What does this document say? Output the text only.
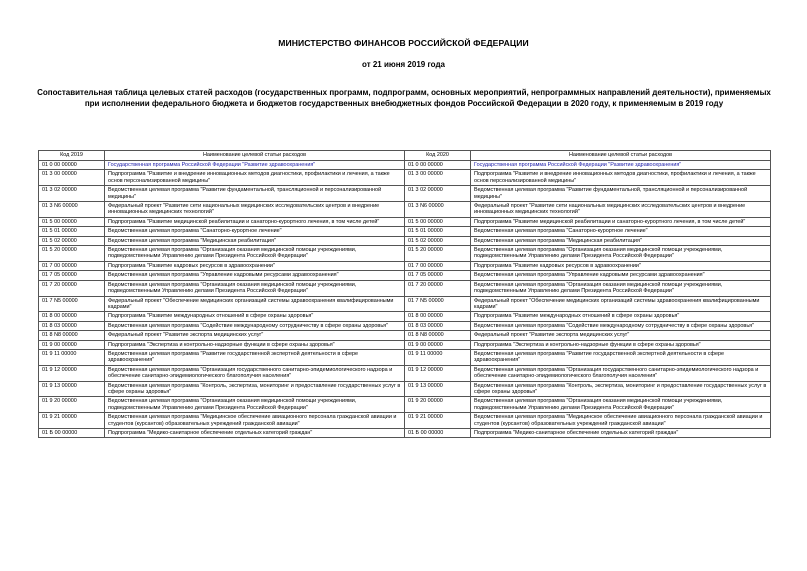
МИНИСТЕРСТВО ФИНАНСОВ РОССИЙСКОЙ ФЕДЕРАЦИИ
от 21 июня 2019 года
Сопоставительная таблица целевых статей расходов (государственных программ, подпрограмм, основных мероприятий, непрограммных направлений деятельности), применяемых при исполнении федерального бюджета и бюджетов государственных внебюджетных фондов Российской Федерации в 2020 году, к применяемым в 2019 году
Код 2019	Наименование целевой статьи расходов	Код 2020	Наименование целевой статьи расходов
01 0 00 00000	Государственная программа Российской Федерации "Развитие здравоохранения"	01 0 00 00000	Государственная программа Российской Федерации "Развитие здравоохранения"
01 3 00 00000	Подпрограмма "Развитие и внедрение инновационных методов диагностики, профилактики и лечения, а также основ персонализированной медицины"	01 3 00 00000	Подпрограмма "Развитие и внедрение инновационных методов диагностики, профилактики и лечения, а также основ персонализированной медицины"
01 3 02 00000	Ведомственная целевая программа "Развитие фундаментальной, трансляционной и персонализированной медицины"	01 3 02 00000	Ведомственная целевая программа "Развитие фундаментальной, трансляционной и персонализированной медицины"
01 3 N6 00000	Федеральный проект "Развитие сети национальных медицинских исследовательских центров и внедрение инновационных медицинских технологий"	01 3 N6 00000	Федеральный проект "Развитие сети национальных медицинских исследовательских центров и внедрение инновационных медицинских технологий"
01 5 00 00000	Подпрограмма "Развитие медицинской реабилитации и санаторно-курортного лечения, в том числе детей"	01 5 00 00000	Подпрограмма "Развитие медицинской реабилитации и санаторно-курортного лечения, в том числе детей"
01 5 01 00000	Ведомственная целевая программа "Санаторно-курортное лечение"	01 5 01 00000	Ведомственная целевая программа "Санаторно-курортное лечение"
01 5 02 00000	Ведомственная целевая программа "Медицинская реабилитация"	01 5 02 00000	Ведомственная целевая программа "Медицинская реабилитация"
01 5 20 00000	Ведомственная целевая программа "Организация оказания медицинской помощи учреждениями, подведомственными Управлению делами Президента Российской Федерации"	01 5 20 00000	Ведомственная целевая программа "Организация оказания медицинской помощи учреждениями, подведомственными Управлению делами Президента Российской Федерации"
01 7 00 00000	Подпрограмма "Развитие кадровых ресурсов в здравоохранении"	01 7 00 00000	Подпрограмма "Развитие кадровых ресурсов в здравоохранении"
01 7 05 00000	Ведомственная целевая программа "Управление кадровыми ресурсами здравоохранения"	01 7 05 00000	Ведомственная целевая программа "Управление кадровыми ресурсами здравоохранения"
01 7 20 00000	Ведомственная целевая программа "Организация оказания медицинской помощи учреждениями, подведомственными Управлению делами Президента Российской Федерации"	01 7 20 00000	Ведомственная целевая программа "Организация оказания медицинской помощи учреждениями, подведомственными Управлению делами Президента Российской Федерации"
01 7 N5 00000	Федеральный проект "Обеспечение медицинских организаций системы здравоохранения квалифицированными кадрами"	01 7 N5 00000	Федеральный проект "Обеспечение медицинских организаций системы здравоохранения квалифицированными кадрами"
01 8 00 00000	Подпрограмма "Развитие международных отношений в сфере охраны здоровья"	01 8 00 00000	Подпрограмма "Развитие международных отношений в сфере охраны здоровья"
01 8 03 00000	Ведомственная целевая программа "Содействие международному сотрудничеству в сфере охраны здоровья"	01 8 03 00000	Ведомственная целевая программа "Содействие международному сотрудничеству в сфере охраны здоровья"
01 8 N8 00000	Федеральный проект "Развитие экспорта медицинских услуг"	01 8 N8 00000	Федеральный проект "Развитие экспорта медицинских услуг"
01 9 00 00000	Подпрограмма "Экспертиза и контрольно-надзорные функции в сфере охраны здоровья"	01 9 00 00000	Подпрограмма "Экспертиза и контрольно-надзорные функции в сфере охраны здоровья"
01 9 11 00000	Ведомственная целевая программа "Развитие государственной экспертной деятельности в сфере здравоохранения"	01 9 11 00000	Ведомственная целевая программа "Развитие государственной экспертной деятельности в сфере здравоохранения"
01 9 12 00000	Ведомственная целевая программа "Организация государственного санитарно-эпидемиологического надзора и обеспечение санитарно-эпидемиологического благополучия населения"	01 9 12 00000	Ведомственная целевая программа "Организация государственного санитарно-эпидемиологического надзора и обеспечение санитарно-эпидемиологического благополучия населения"
01 9 13 00000	Ведомственная целевая программа "Контроль, экспертиза, мониторинг и предоставление государственных услуг в сфере охраны здоровья"	01 9 13 00000	Ведомственная целевая программа "Контроль, экспертиза, мониторинг и предоставление государственных услуг в сфере охраны здоровья"
01 9 20 00000	Ведомственная целевая программа "Организация оказания медицинской помощи учреждениями, подведомственными Управлению делами Президента Российской Федерации"	01 9 20 00000	Ведомственная целевая программа "Организация оказания медицинской помощи учреждениями, подведомственными Управлению делами Президента Российской Федерации"
01 9 21 00000	Ведомственная целевая программа "Медицинское обеспечение авиационного персонала гражданской авиации и студентов (курсантов) образовательных учреждений гражданской авиации"	01 9 21 00000	Ведомственная целевая программа "Медицинское обеспечение авиационного персонала гражданской авиации и студентов (курсантов) образовательных учреждений гражданской авиации"
01 Б 00 00000	Подпрограмма "Медико-санитарное обеспечение отдельных категорий граждан"	01 Б 00 00000	Подпрограмма "Медико-санитарное обеспечение отдельных категорий граждан"
